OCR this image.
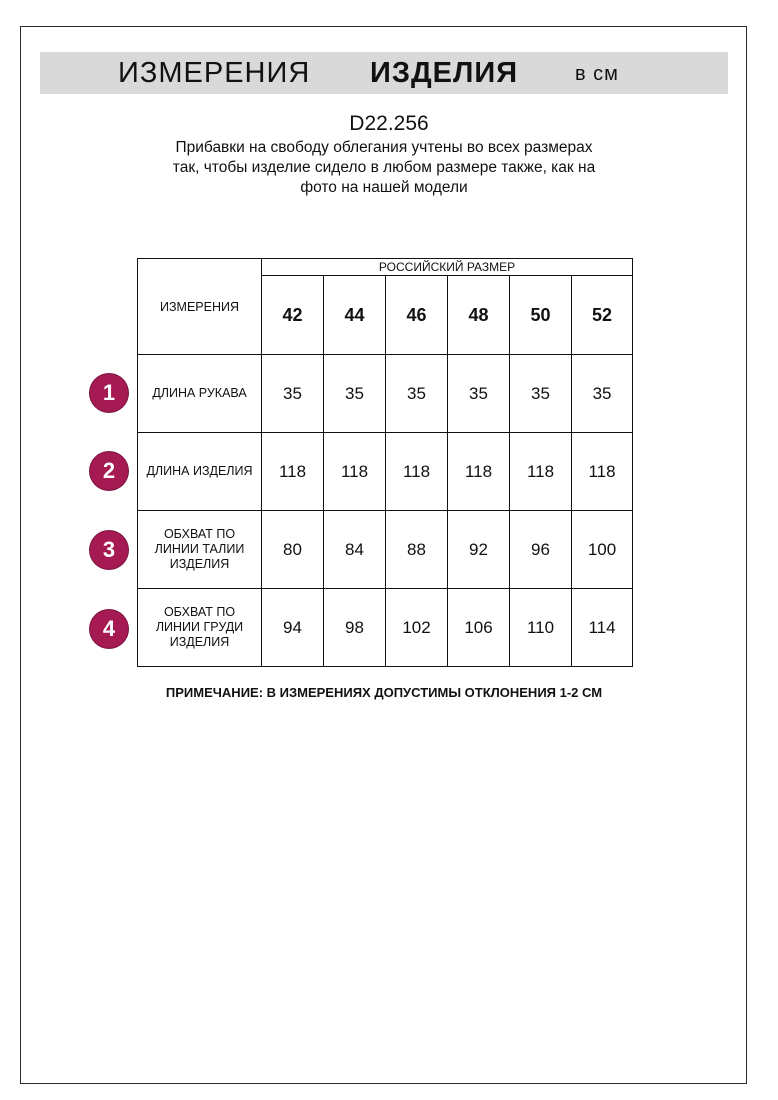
ИЗМЕРЕНИЯ ИЗДЕЛИЯ	в см
D22.256
Прибавки на свободу облегания учтены во всех размерах
так, чтобы изделие сидело в любом размере также, как на
фото на нашей модели
ИЗМЕРЕНИЯ	РОССИЙСКИЙ РАЗМЕР					
	42	44	46	48	50	52

ДЛИНА РУКАВА	35	35	35	35	35	35

ДЛИНА ИЗДЕЛИЯ	118	118	118	118	118	118

ОБХВАТ ПО
ЛИНИИ ТАЛИИ
ИЗДЕЛИЯ	80	84	88	92	96	100

ОБХВАТ ПО
ЛИНИИ ГРУДИ
ИЗДЕЛИЯ	94	98	102	106	110	114
1
2
3
4
ПРИМЕЧАНИЕ: В ИЗМЕРЕНИЯХ ДОПУСТИМЫ ОТКЛОНЕНИЯ 1-2 СМ
